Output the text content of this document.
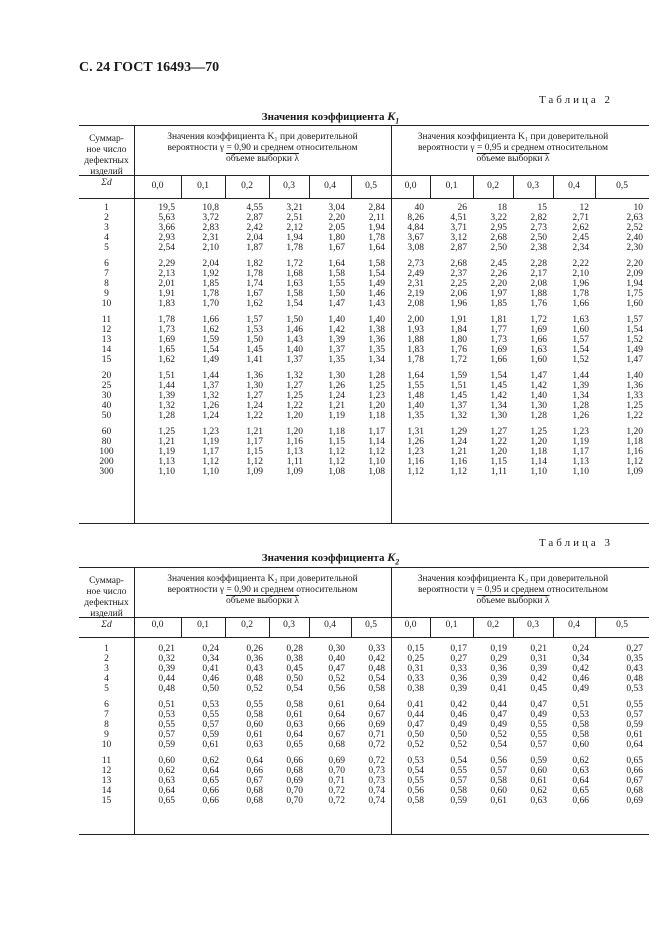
С. 24 ГОСТ 16493—70
Таблица 2
Значения коэффициента $K_1$
Суммар-
ное число
дефектных
изделий
Σd
Значения коэффициента K₁ при доверительной
вероятности γ = 0,90 и среднем относительном
объеме выборки λ
Значения коэффициента K₁ при доверительной
вероятности γ = 0,95 и среднем относительном
объеме выборки λ
0,0	0,1	0,2	0,3	0,4	0,5	0,0	0,1	0,2	0,3	0,4	0,5
1	19,5	10,8	4,55	3,21	3,04	2,84	40	26	18	15	12	10
2	5,63	3,72	2,87	2,51	2,20	2,11	8,26	4,51	3,22	2,82	2,71	2,63
3	3,66	2,83	2,42	2,12	2,05	1,94	4,84	3,71	2,95	2,73	2,62	2,52
4	2,93	2,31	2,04	1,94	1,80	1,78	3,67	3,12	2,68	2,50	2,45	2,40
5	2,54	2,10	1,87	1,78	1,67	1,64	3,08	2,87	2,50	2,38	2,34	2,30
6	2,29	2,04	1,82	1,72	1,64	1,58	2,73	2,68	2,45	2,28	2,22	2,20
7	2,13	1,92	1,78	1,68	1,58	1,54	2,49	2,37	2,26	2,17	2,10	2,09
8	2,01	1,85	1,74	1,63	1,55	1,49	2,31	2,25	2,20	2,08	1,96	1,94
9	1,91	1,78	1,67	1,58	1,50	1,46	2,19	2,06	1,97	1,88	1,78	1,75
10	1,83	1,70	1,62	1,54	1,47	1,43	2,08	1,96	1,85	1,76	1,66	1,60
11	1,78	1,66	1,57	1,50	1,40	1,40	2,00	1,91	1,81	1,72	1,63	1,57
12	1,73	1,62	1,53	1,46	1,42	1,38	1,93	1,84	1,77	1,69	1,60	1,54
13	1,69	1,59	1,50	1,43	1,39	1,36	1,88	1,80	1,73	1,66	1,57	1,52
14	1,65	1,54	1,45	1,40	1,37	1,35	1,83	1,76	1,69	1,63	1,54	1,49
15	1,62	1,49	1,41	1,37	1,35	1,34	1,78	1,72	1,66	1,60	1,52	1,47
20	1,51	1,44	1,36	1,32	1,30	1,28	1,64	1,59	1,54	1,47	1,44	1,40
25	1,44	1,37	1,30	1,27	1,26	1,25	1,55	1,51	1,45	1,42	1,39	1,36
30	1,39	1,32	1,27	1,25	1,24	1,23	1,48	1,45	1,42	1,40	1,34	1,33
40	1,32	1,26	1,24	1,22	1,21	1,20	1,40	1,37	1,34	1,30	1,28	1,25
50	1,28	1,24	1,22	1,20	1,19	1,18	1,35	1,32	1,30	1,28	1,26	1,22
60	1,25	1,23	1,21	1,20	1,18	1,17	1,31	1,29	1,27	1,25	1,23	1,20
80	1,21	1,19	1,17	1,16	1,15	1,14	1,26	1,24	1,22	1,20	1,19	1,18
100	1,19	1,17	1,15	1,13	1,12	1,12	1,23	1,21	1,20	1,18	1,17	1,16
200	1,13	1,12	1,12	1,11	1,12	1,10	1,16	1,16	1,15	1,14	1,13	1,12
300	1,10	1,10	1,09	1,09	1,08	1,08	1,12	1,12	1,11	1,10	1,10	1,09
Таблица 3
Значения коэффициента $K_2$
Суммар-
ное число
дефектных
изделий
Σd
Значения коэффициента K₂ при доверительной
вероятности γ = 0,90 и среднем относительном
объеме выборки λ
Значения коэффициента K₂ при доверительной
вероятности γ = 0,95 и среднем относительном
объеме выборки λ
0,0	0,1	0,2	0,3	0,4	0,5	0,0	0,1	0,2	0,3	0,4	0,5
1	0,21	0,24	0,26	0,28	0,30	0,33	0,15	0,17	0,19	0,21	0,24	0,27
2	0,32	0,34	0,36	0,38	0,40	0,42	0,25	0,27	0,29	0,31	0,34	0,35
3	0,39	0,41	0,43	0,45	0,47	0,48	0,31	0,33	0,36	0,39	0,42	0,43
4	0,44	0,46	0,48	0,50	0,52	0,54	0,33	0,36	0,39	0,42	0,46	0,48
5	0,48	0,50	0,52	0,54	0,56	0,58	0,38	0,39	0,41	0,45	0,49	0,53
6	0,51	0,53	0,55	0,58	0,61	0,64	0,41	0,42	0,44	0,47	0,51	0,55
7	0,53	0,55	0,58	0,61	0,64	0,67	0,44	0,46	0,47	0,49	0,53	0,57
8	0,55	0,57	0,60	0,63	0,66	0,69	0,47	0,49	0,49	0,55	0,58	0,59
9	0,57	0,59	0,61	0,64	0,67	0,71	0,50	0,50	0,52	0,55	0,58	0,61
10	0,59	0,61	0,63	0,65	0,68	0,72	0,52	0,52	0,54	0,57	0,60	0,64
11	0,60	0,62	0,64	0,66	0,69	0,72	0,53	0,54	0,56	0,59	0,62	0,65
12	0,62	0,64	0,66	0,68	0,70	0,73	0,54	0,55	0,57	0,60	0,63	0,66
13	0,63	0,65	0,67	0,69	0,71	0,73	0,55	0,57	0,58	0,61	0,64	0,67
14	0,64	0,66	0,68	0,70	0,72	0,74	0,56	0,58	0,60	0,62	0,65	0,68
15	0,65	0,66	0,68	0,70	0,72	0,74	0,58	0,59	0,61	0,63	0,66	0,69
